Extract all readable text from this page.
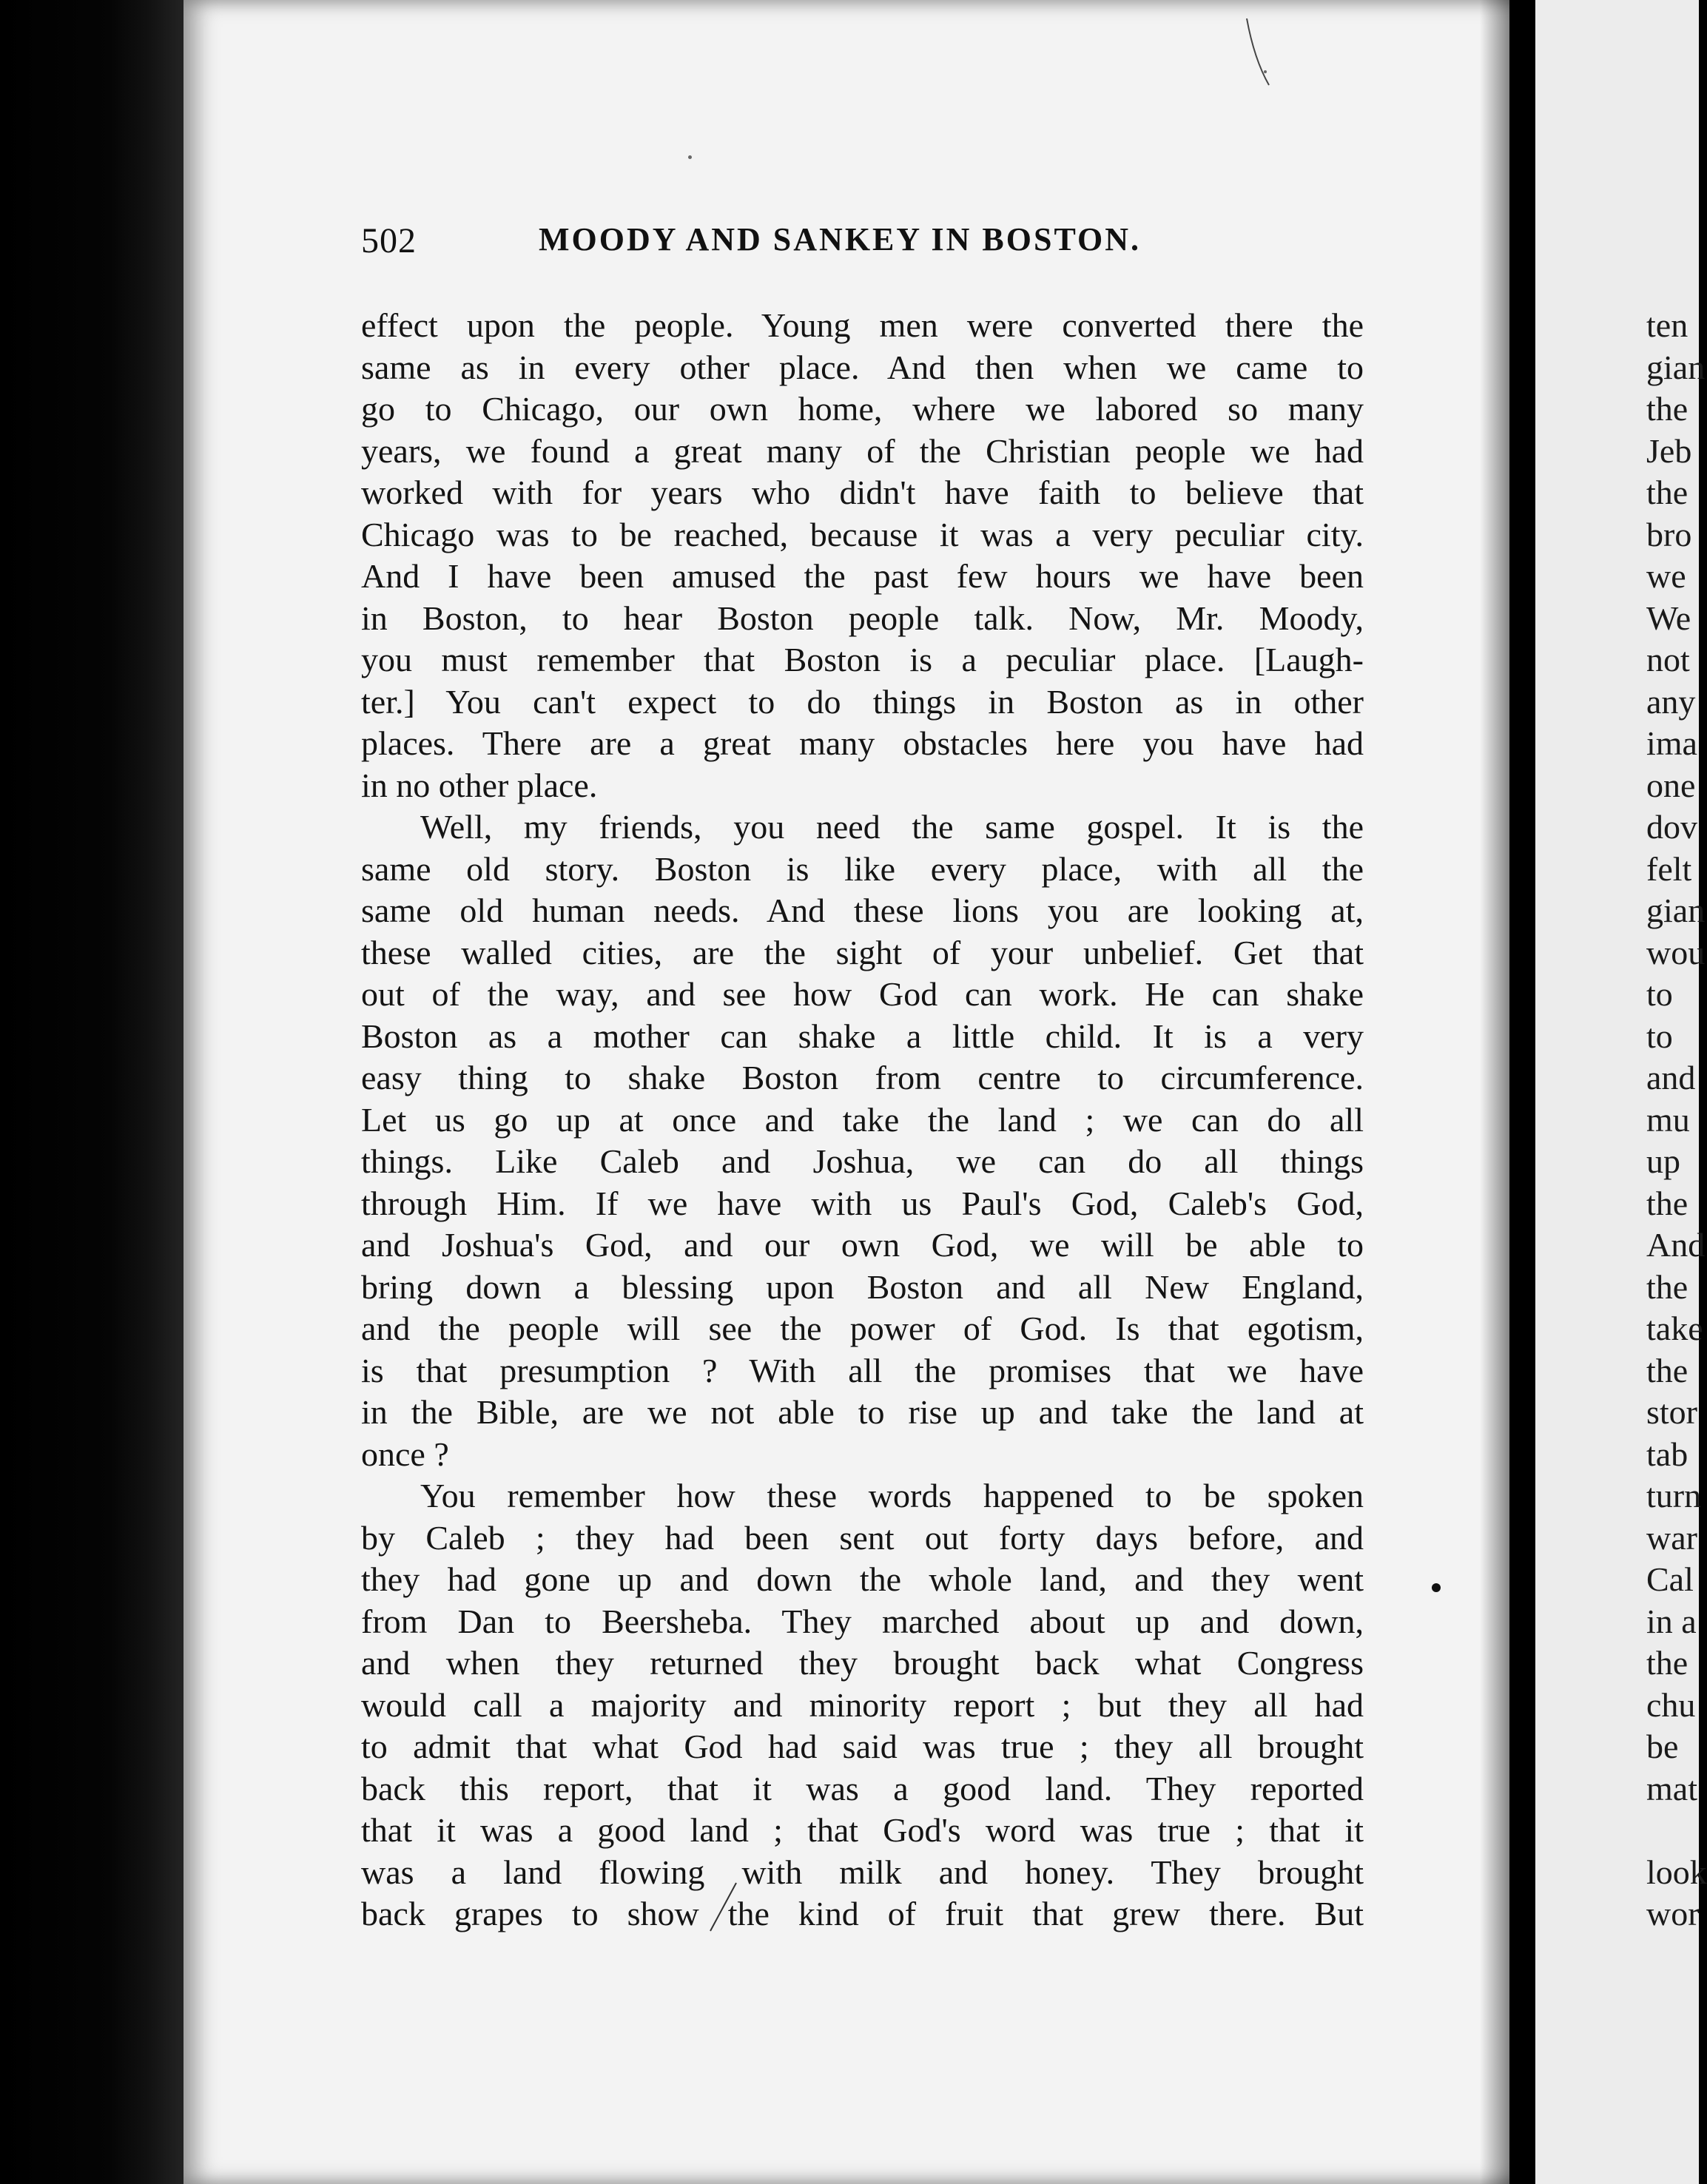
502	MOODY AND SANKEY IN BOSTON.
effect upon the people. Young men were converted there the
same as in every other place. And then when we came to
go to Chicago, our own home, where we labored so many
years, we found a great many of the Christian people we had
worked with for years who didn't have faith to believe that
Chicago was to be reached, because it was a very peculiar city.
And I have been amused the past few hours we have been
in Boston, to hear Boston people talk. Now, Mr. Moody,
you must remember that Boston is a peculiar place. [Laugh-
ter.] You can't expect to do things in Boston as in other
places. There are a great many obstacles here you have had
in no other place.
Well, my friends, you need the same gospel. It is the
same old story. Boston is like every place, with all the
same old human needs. And these lions you are looking at,
these walled cities, are the sight of your unbelief. Get that
out of the way, and see how God can work. He can shake
Boston as a mother can shake a little child. It is a very
easy thing to shake Boston from centre to circumference.
Let us go up at once and take the land ; we can do all
things. Like Caleb and Joshua, we can do all things
through Him. If we have with us Paul's God, Caleb's God,
and Joshua's God, and our own God, we will be able to
bring down a blessing upon Boston and all New England,
and the people will see the power of God. Is that egotism,
is that presumption ? With all the promises that we have
in the Bible, are we not able to rise up and take the land at
once ?
You remember how these words happened to be spoken
by Caleb ; they had been sent out forty days before, and
they had gone up and down the whole land, and they went
from Dan to Beersheba. They marched about up and down,
and when they returned they brought back what Congress
would call a majority and minority report ; but they all had
to admit that what God had said was true ; they all brought
back this report, that it was a good land. They reported
that it was a good land ; that God's word was true ; that it
was a land flowing with milk and honey. They brought
back grapes to show the kind of fruit that grew there. But
ten
gian
the
Jeb
the
bro
we
We
not
any
ima
one
dov
felt
gian
wou
to
to
and
mu
up
the
And
the
take
the
stor
tab
turn
war
Cal
in a
the
chu
be
mat
look
wor
